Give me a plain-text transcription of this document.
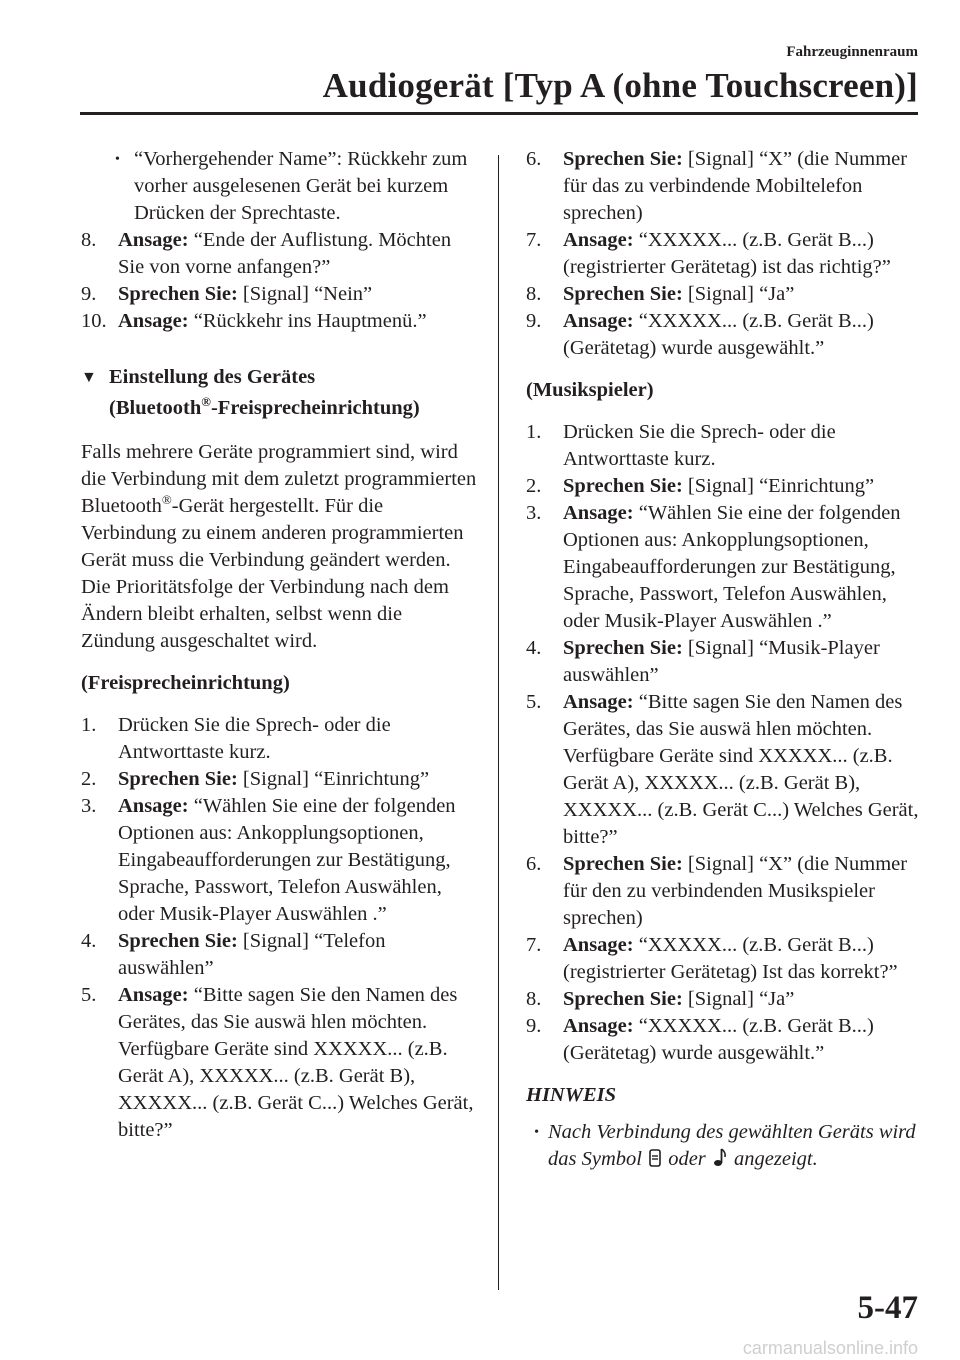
Fahrzeuginnenraum
Audiogerät [Typ A (ohne Touchscreen)]
• “Vorhergehender Name”: Rückkehr zum vorher ausgelesenen Gerät bei kurzem Drücken der Sprechtaste.
8. Ansage: “Ende der Auflistung. Möchten Sie von vorne anfangen?”
9. Sprechen Sie: [Signal] “Nein”
10. Ansage: “Rückkehr ins Hauptmenü.”
▼ Einstellung des Gerätes
(Bluetooth®-Freisprecheinrichtung)

Falls mehrere Geräte programmiert sind, wird die Verbindung mit dem zuletzt programmierten Bluetooth®-Gerät hergestellt. Für die Verbindung zu einem anderen programmierten Gerät muss die Verbindung geändert werden. Die Prioritätsfolge der Verbindung nach dem Ändern bleibt erhalten, selbst wenn die Zündung ausgeschaltet wird.

(Freisprecheinrichtung)

1. Drücken Sie die Sprech- oder die Antworttaste kurz.
2. Sprechen Sie: [Signal] “Einrichtung”
3. Ansage: “Wählen Sie eine der folgenden Optionen aus: Ankopplungsoptionen, Eingabeaufforderungen zur Bestätigung, Sprache, Passwort, Telefon Auswählen, oder Musik-Player Auswählen .”
4. Sprechen Sie: [Signal] “Telefon auswählen”
5. Ansage: “Bitte sagen Sie den Namen des Gerätes, das Sie auswä hlen möchten. Verfügbare Geräte sind XXXXX... (z.B. Gerät A), XXXXX... (z.B. Gerät B), XXXXX... (z.B. Gerät C...) Welches Gerät, bitte?”
6. Sprechen Sie: [Signal] “X” (die Nummer für das zu verbindende Mobiltelefon sprechen)
7. Ansage: “XXXXX... (z.B. Gerät B...) (registrierter Gerätetag) ist das richtig?”
8. Sprechen Sie: [Signal] “Ja”
9. Ansage: “XXXXX... (z.B. Gerät B...) (Gerätetag) wurde ausgewählt.”

(Musikspieler)

1. Drücken Sie die Sprech- oder die Antworttaste kurz.
2. Sprechen Sie: [Signal] “Einrichtung”
3. Ansage: “Wählen Sie eine der folgenden Optionen aus: Ankopplungsoptionen, Eingabeaufforderungen zur Bestätigung, Sprache, Passwort, Telefon Auswählen, oder Musik-Player Auswählen .”
4. Sprechen Sie: [Signal] “Musik-Player auswählen”
5. Ansage: “Bitte sagen Sie den Namen des Gerätes, das Sie auswä hlen möchten. Verfügbare Geräte sind XXXXX... (z.B. Gerät A), XXXXX... (z.B. Gerät B), XXXXX... (z.B. Gerät C...) Welches Gerät, bitte?”
6. Sprechen Sie: [Signal] “X” (die Nummer für den zu verbindenden Musikspieler sprechen)
7. Ansage: “XXXXX... (z.B. Gerät B...) (registrierter Gerätetag) Ist das korrekt?”
8. Sprechen Sie: [Signal] “Ja”
9. Ansage: “XXXXX... (z.B. Gerät B...) (Gerätetag) wurde ausgewählt.”

HINWEIS

• Nach Verbindung des gewählten Geräts wird das Symbol oder angezeigt.
5-47
carmanualsonline.info
